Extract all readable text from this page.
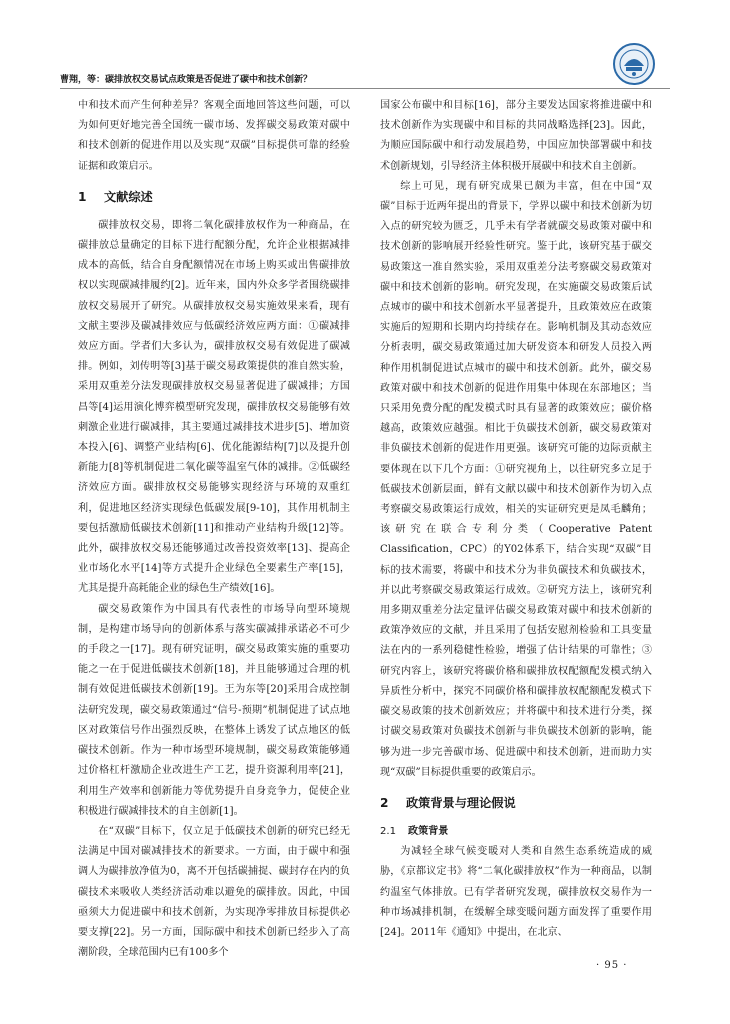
曹翔，等：碳排放权交易试点政策是否促进了碳中和技术创新？

中和技术而产生何种差异？客观全面地回答这些问题，可以为如何更好地完善全国统一碳市场、发挥碳交易政策对碳中和技术创新的促进作用以及实现“双碳”目标提供可靠的经验证据和政策启示。

1 文献综述

碳排放权交易，即将二氧化碳排放权作为一种商品，在碳排放总量确定的目标下进行配额分配，允许企业根据减排成本的高低，结合自身配额情况在市场上购买或出售碳排放权以实现碳减排履约[2]。近年来，国内外众多学者围绕碳排放权交易展开了研究。从碳排放权交易实施效果来看，现有文献主要涉及碳减排效应与低碳经济效应两方面：①碳减排效应方面。学者们大多认为，碳排放权交易有效促进了碳减排。例如，刘传明等[3]基于碳交易政策提供的准自然实验，采用双重差分法发现碳排放权交易显著促进了碳减排；方国昌等[4]运用演化博弈模型研究发现，碳排放权交易能够有效刺激企业进行碳减排，其主要通过减排技术进步[5]、增加资本投入[6]、调整产业结构[6]、优化能源结构[7]以及提升创新能力[8]等机制促进二氧化碳等温室气体的减排。②低碳经济效应方面。碳排放权交易能够实现经济与环境的双重红利，促进地区经济实现绿色低碳发展[9-10]，其作用机制主要包括激励低碳技术创新[11]和推动产业结构升级[12]等。此外，碳排放权交易还能够通过改善投资效率[13]、提高企业市场化水平[14]等方式提升企业绿色全要素生产率[15]，尤其是提升高耗能企业的绿色生产绩效[16]。

碳交易政策作为中国具有代表性的市场导向型环境规制，是构建市场导向的创新体系与落实碳减排承诺必不可少的手段之一[17]。现有研究证明，碳交易政策实施的重要功能之一在于促进低碳技术创新[18]，并且能够通过合理的机制有效促进低碳技术创新[19]。王为东等[20]采用合成控制法研究发现，碳交易政策通过“信号-预期”机制促进了试点地区对政策信号作出强烈反映，在整体上诱发了试点地区的低碳技术创新。作为一种市场型环境规制，碳交易政策能够通过价格杠杆激励企业改进生产工艺，提升资源利用率[21]，利用生产效率和创新能力等优势提升自身竞争力，促使企业积极进行碳减排技术的自主创新[1]。

在“双碳”目标下，仅立足于低碳技术创新的研究已经无法满足中国对碳减排技术的新要求。一方面，由于碳中和强调人为碳排放净值为0，离不开包括碳捕捉、碳封存在内的负碳技术来吸收人类经济活动难以避免的碳排放。因此，中国亟须大力促进碳中和技术创新，为实现净零排放目标提供必要支撑[22]。另一方面，国际碳中和技术创新已经步入了高潮阶段，全球范围内已有100多个

国家公布碳中和目标[16]，部分主要发达国家将推进碳中和技术创新作为实现碳中和目标的共同战略选择[23]。因此，为顺应国际碳中和行动发展趋势，中国应加快部署碳中和技术创新规划，引导经济主体积极开展碳中和技术自主创新。

综上可见，现有研究成果已颇为丰富，但在中国“双碳”目标于近两年提出的背景下，学界以碳中和技术创新为切入点的研究较为匮乏，几乎未有学者就碳交易政策对碳中和技术创新的影响展开经验性研究。鉴于此，该研究基于碳交易政策这一准自然实验，采用双重差分法考察碳交易政策对碳中和技术创新的影响。研究发现，在实施碳交易政策后试点城市的碳中和技术创新水平显著提升，且政策效应在政策实施后的短期和长期内均持续存在。影响机制及其动态效应分析表明，碳交易政策通过加大研发资本和研发人员投入两种作用机制促进试点城市的碳中和技术创新。此外，碳交易政策对碳中和技术创新的促进作用集中体现在东部地区；当只采用免费分配的配发模式时具有显著的政策效应；碳价格越高，政策效应越强。相比于负碳技术创新，碳交易政策对非负碳技术创新的促进作用更强。该研究可能的边际贡献主要体现在以下几个方面：①研究视角上，以往研究多立足于低碳技术创新层面，鲜有文献以碳中和技术创新作为切入点考察碳交易政策运行成效，相关的实证研究更是凤毛麟角；该研究在联合专利分类（Cooperative Patent Classification，CPC）的Y02体系下，结合实现“双碳”目标的技术需要，将碳中和技术分为非负碳技术和负碳技术，并以此考察碳交易政策运行成效。②研究方法上，该研究利用多期双重差分法定量评估碳交易政策对碳中和技术创新的政策净效应的文献，并且采用了包括安慰剂检验和工具变量法在内的一系列稳健性检验，增强了估计结果的可靠性；③研究内容上，该研究将碳价格和碳排放权配额配发模式纳入异质性分析中，探究不同碳价格和碳排放权配额配发模式下碳交易政策的技术创新效应；并将碳中和技术进行分类，探讨碳交易政策对负碳技术创新与非负碳技术创新的影响，能够为进一步完善碳市场、促进碳中和技术创新，进而助力实现“双碳”目标提供重要的政策启示。

2 政策背景与理论假说
2.1 政策背景

为减轻全球气候变暖对人类和自然生态系统造成的威胁，《京都议定书》将“二氧化碳排放权”作为一种商品，以制约温室气体排放。已有学者研究发现，碳排放权交易作为一种市场减排机制，在缓解全球变暖问题方面发挥了重要作用[24]。2011年《通知》中提出，在北京、

· 95 ·
